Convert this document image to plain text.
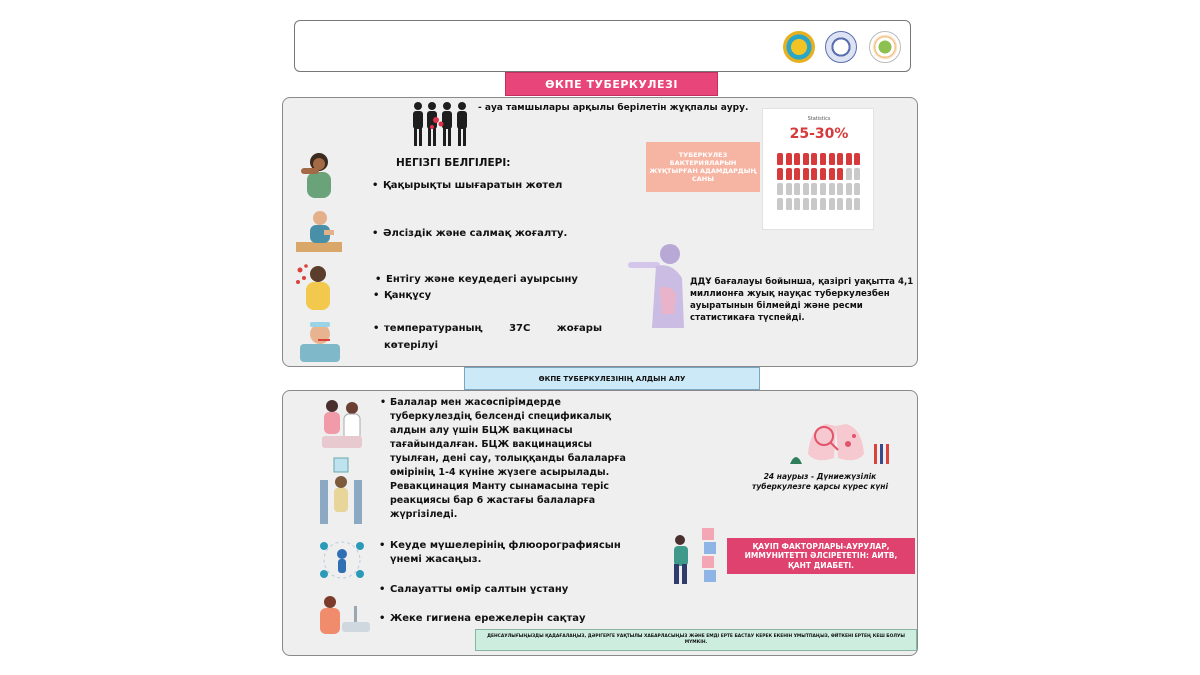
ӨКПЕ ТУБЕРКУЛЕЗІ
- ауа тамшылары арқылы берілетін жұқпалы ауру.
НЕГІЗГІ БЕЛГІЛЕРІ:
• Қақырықты шығаратын жөтел
• Әлсіздік және салмақ жоғалту.
• Ентігу және кеудедегі ауырсыну
• Қанқұсу
• температураның 37С жоғары көтерілуі
ТУБЕРКУЛЕЗ БАКТЕРИЯЛАРЫН ЖҰҚТЫРҒАН АДАМДАРДЫҢ САНЫ
Statistics
25-30%
ДДҰ бағалауы бойынша, қазіргі уақытта 4,1 миллионға жуық науқас туберкулезбен ауыратынын білмейді және ресми статистикаға түспейді.
ӨКПЕ ТУБЕРКУЛЕЗІНІҢ АЛДЫН АЛУ
• Балалар мен жасөспірімдерде туберкулездің белсенді спецификалық алдын алу үшін БЦЖ вакцинасы тағайындалған. БЦЖ вакцинациясы туылған, дені сау, толыққанды балаларға өмірінің 1-4 күніне жүзеге асырылады. Ревакцинация Манту сынамасына теріс реакциясы бар 6 жастағы балаларға жүргізіледі.
• Кеуде мүшелерінің флюорографиясын үнемі жасаңыз.
• Салауатты өмір салтын ұстану
• Жеке гигиена ережелерін сақтау
24 наурыз - Дүниежүзілік туберкулезге қарсы күрес күні
ҚАУІП ФАКТОРЛАРЫ-АУРУЛАР, ИММУНИТЕТТІ ӘЛСІРЕТЕТІН: АИТВ, ҚАНТ ДИАБЕТІ.
ДЕНСАУЛЫҒЫҢЫЗДЫ ҚАДАҒАЛАҢЫЗ, ДӘРІГЕРГЕ УАҚТЫЛЫ ХАБАРЛАСЫҢЫЗ ЖӘНЕ ЕМДІ ЕРТЕ БАСТАУ КЕРЕК ЕКЕНІН ҰМЫТПАҢЫЗ, ӨЙТКЕНІ ЕРТЕҢ КЕШ БОЛУЫ МҮМКІН.
